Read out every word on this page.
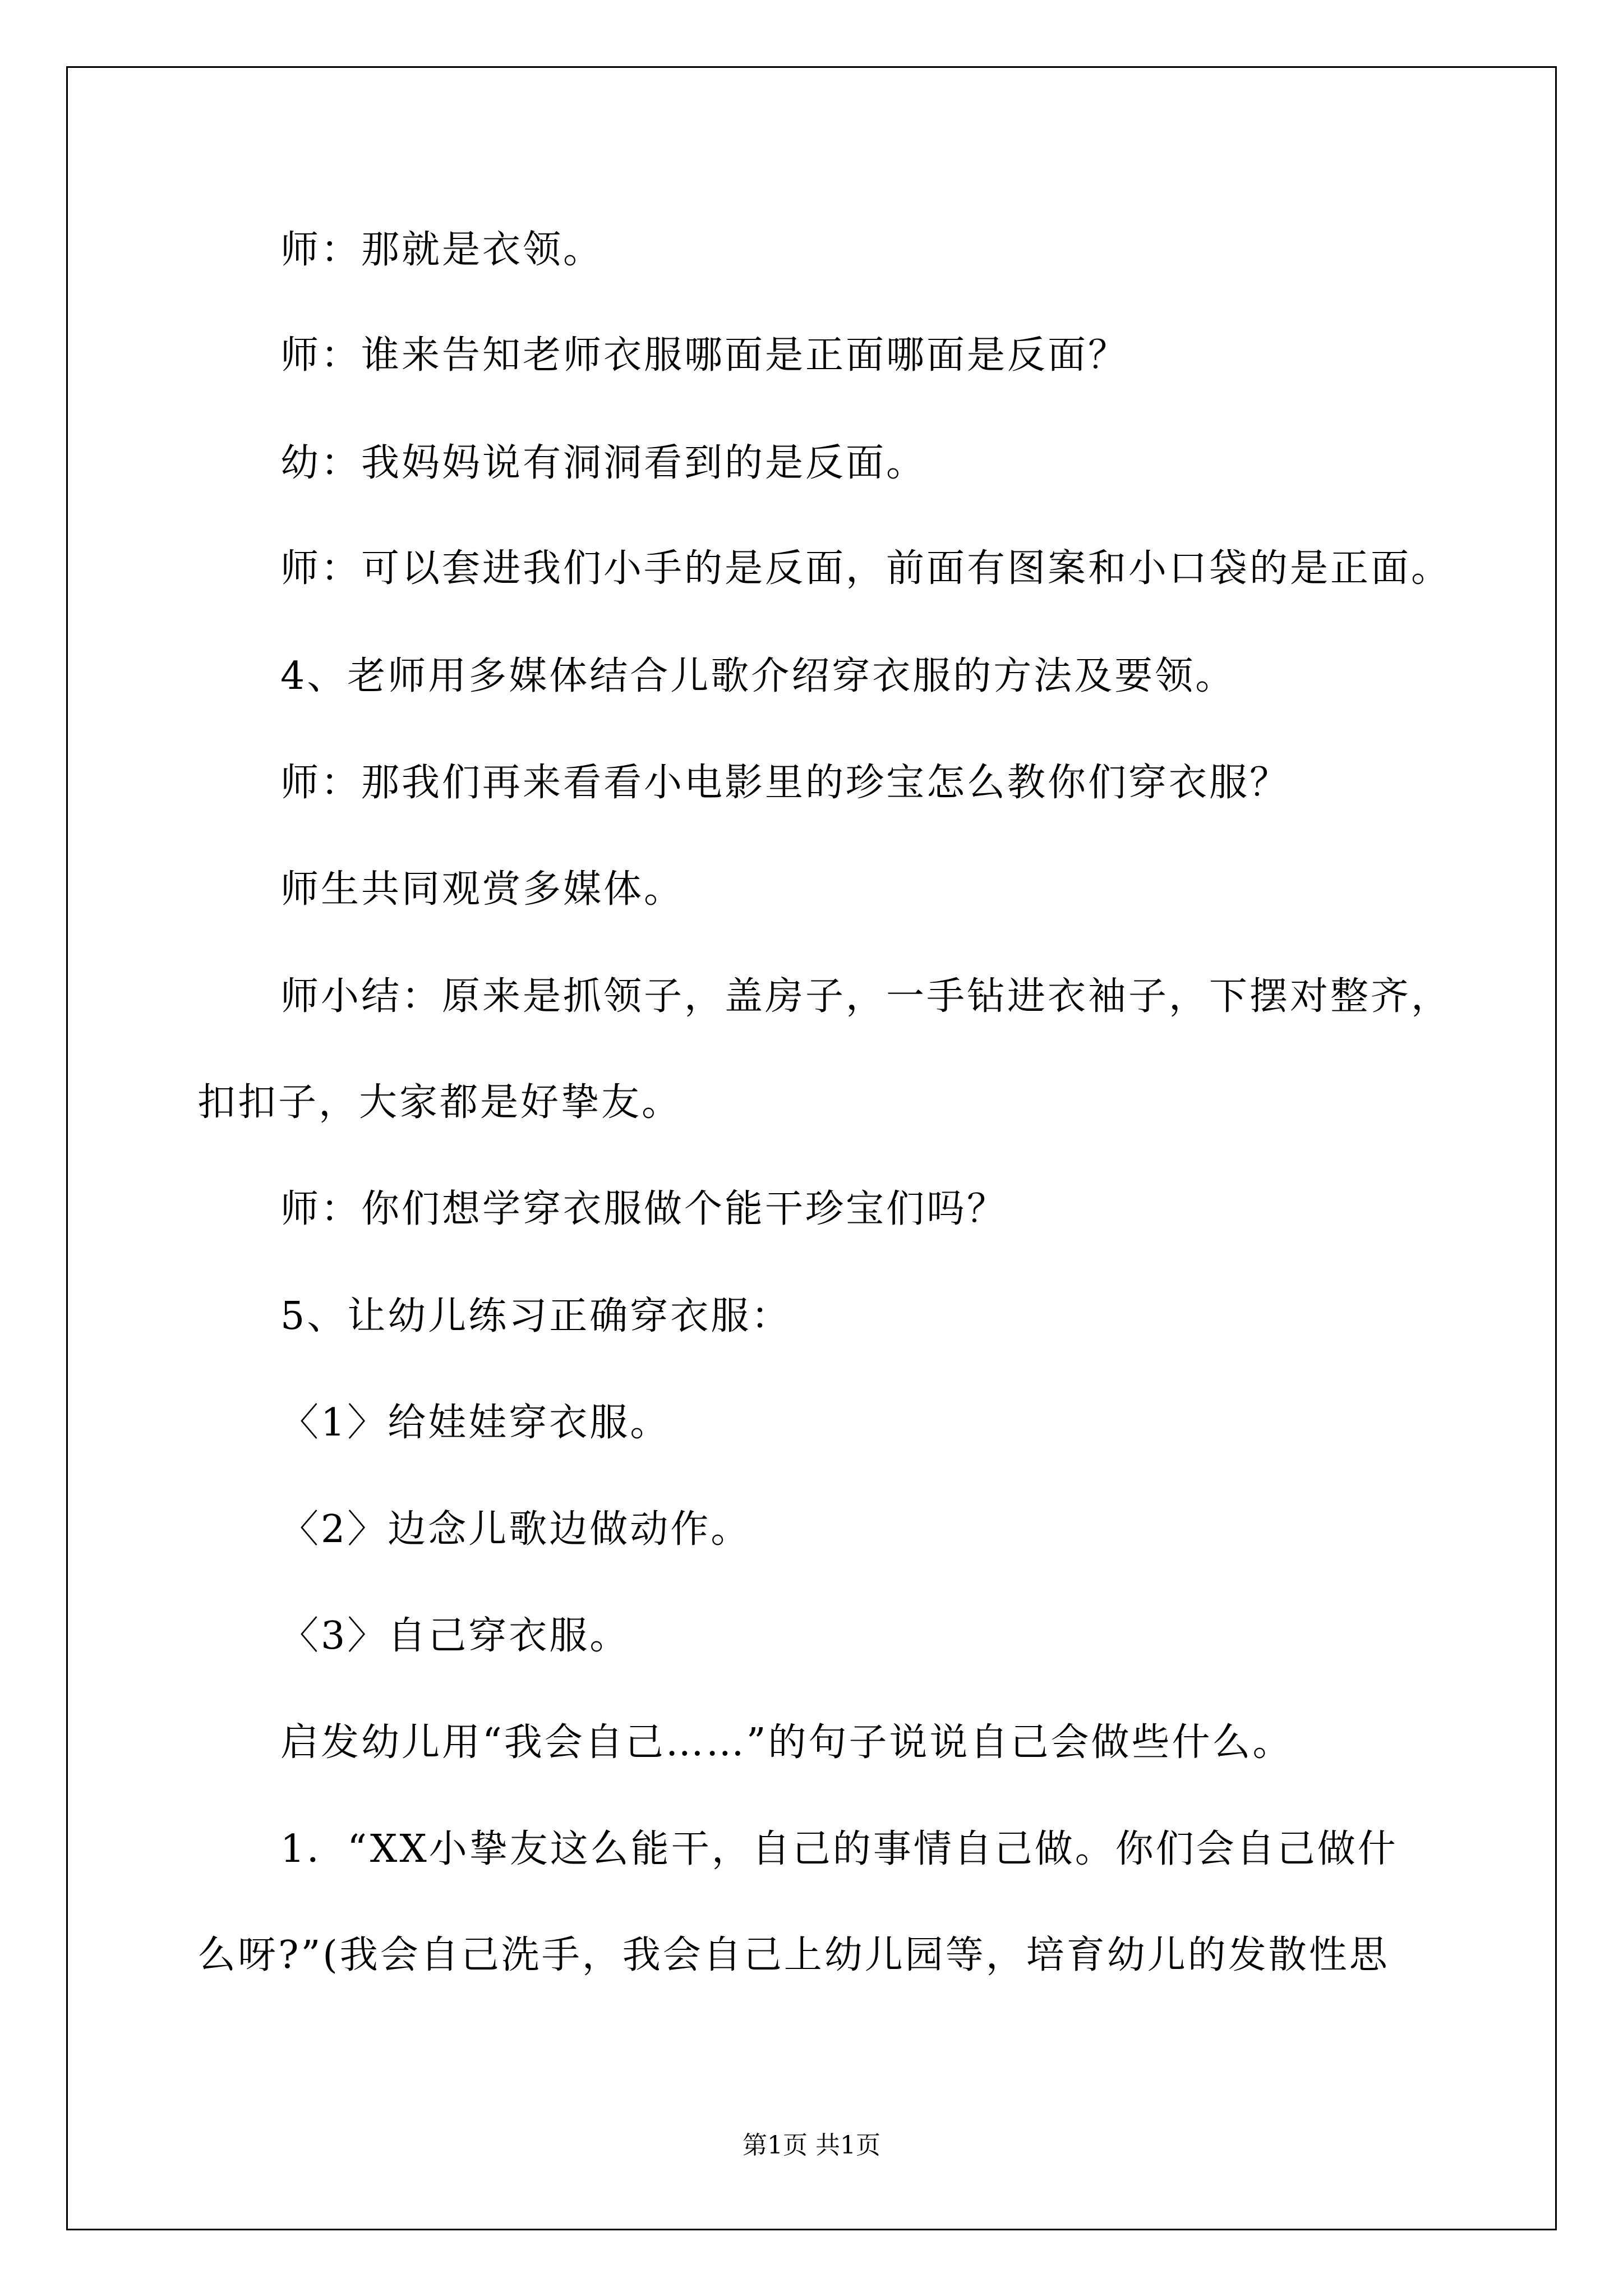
师：那就是衣领。
师：谁来告知老师衣服哪面是正面哪面是反面？
幼：我妈妈说有洞洞看到的是反面。
师：可以套进我们小手的是反面，前面有图案和小口袋的是正面。
4、老师用多媒体结合儿歌介绍穿衣服的方法及要领。
师：那我们再来看看小电影里的珍宝怎么教你们穿衣服？
师生共同观赏多媒体。
师小结：原来是抓领子，盖房子，一手钻进衣袖子，下摆对整齐，
扣扣子，大家都是好挚友。
师：你们想学穿衣服做个能干珍宝们吗？
5、让幼儿练习正确穿衣服：
〈1〉给娃娃穿衣服。
〈2〉边念儿歌边做动作。
〈3〉自己穿衣服。
启发幼儿用“我会自己……”的句子说说自己会做些什么。
1．“XX小挚友这么能干，自己的事情自己做。你们会自己做什
么呀?”(我会自己洗手，我会自己上幼儿园等，培育幼儿的发散性思
第1页 共1页
